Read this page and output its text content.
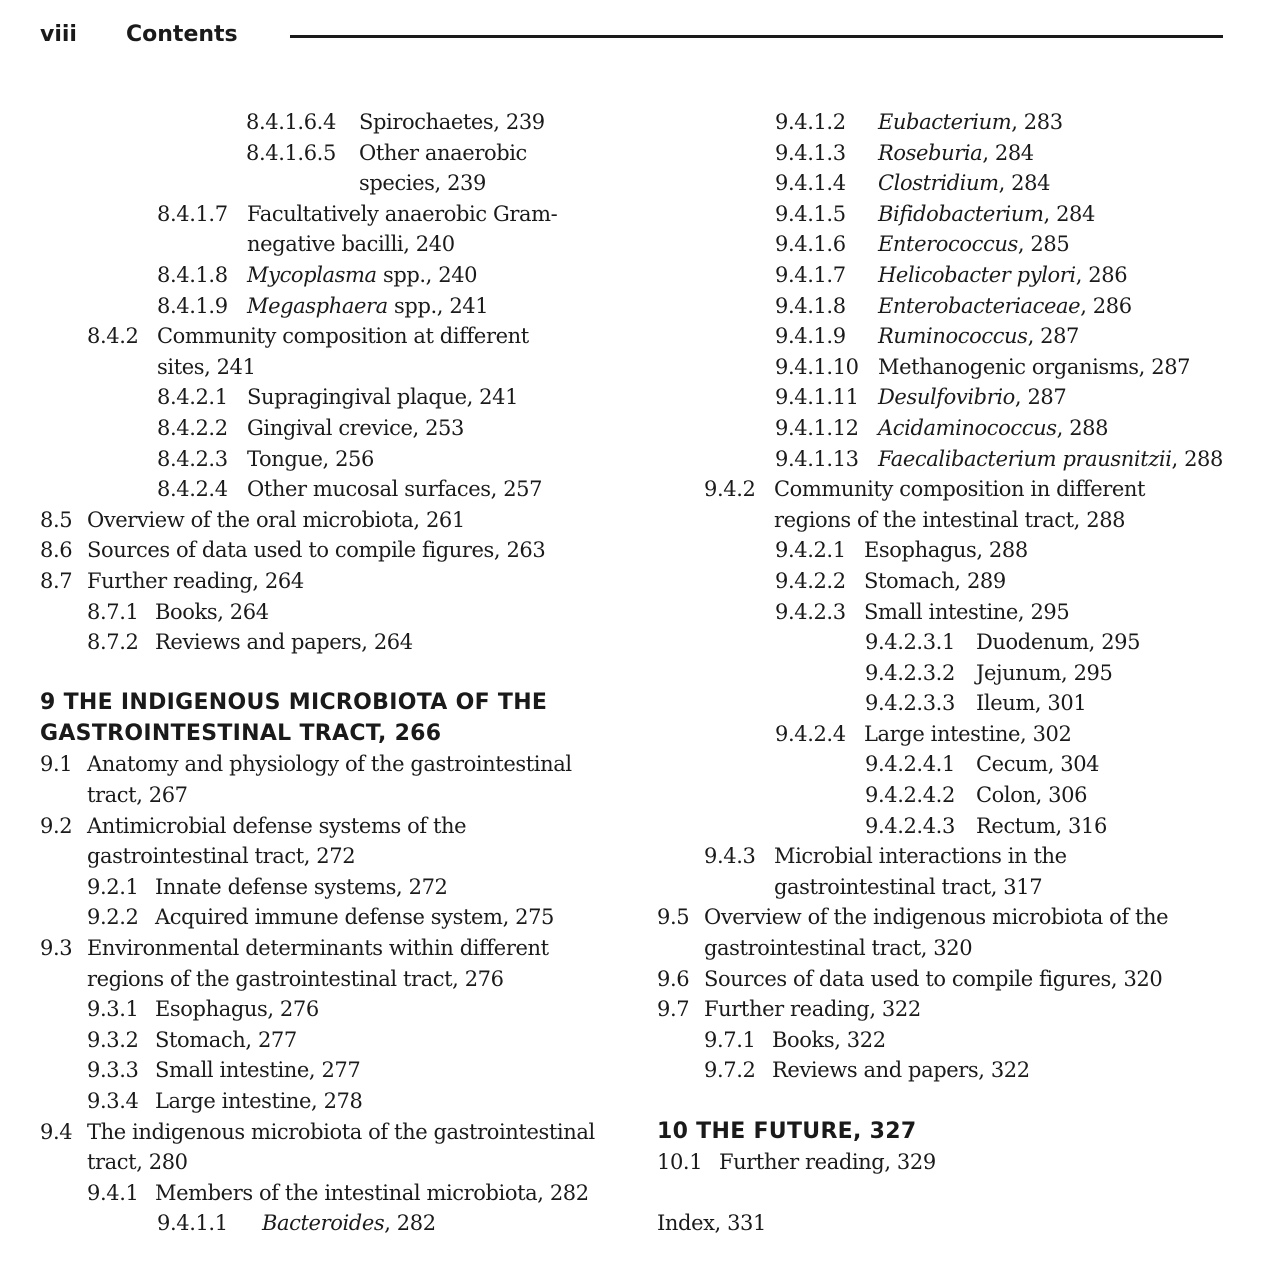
viii Contents
8.4.1.6.4	Spirochaetes, 239
8.4.1.6.5	Other anaerobic species, 239
8.4.1.7 Facultatively anaerobic Gram-negative bacilli, 240
8.4.1.8 Mycoplasma spp., 240
8.4.1.9 Megasphaera spp., 241
8.4.2 Community composition at different sites, 241
8.4.2.1 Supragingival plaque, 241
8.4.2.2 Gingival crevice, 253
8.4.2.3 Tongue, 256
8.4.2.4 Other mucosal surfaces, 257
8.5 Overview of the oral microbiota, 261
8.6 Sources of data used to compile figures, 263
8.7 Further reading, 264
8.7.1 Books, 264
8.7.2 Reviews and papers, 264
9 THE INDIGENOUS MICROBIOTA OF THE GASTROINTESTINAL TRACT, 266
9.1 Anatomy and physiology of the gastrointestinal tract, 267
9.2 Antimicrobial defense systems of the gastrointestinal tract, 272
9.2.1 Innate defense systems, 272
9.2.2 Acquired immune defense system, 275
9.3 Environmental determinants within different regions of the gastrointestinal tract, 276
9.3.1 Esophagus, 276
9.3.2 Stomach, 277
9.3.3 Small intestine, 277
9.3.4 Large intestine, 278
9.4 The indigenous microbiota of the gastrointestinal tract, 280
9.4.1 Members of the intestinal microbiota, 282
9.4.1.1	Bacteroides, 282
9.4.1.2	Eubacterium, 283
9.4.1.3	Roseburia, 284
9.4.1.4	Clostridium, 284
9.4.1.5	Bifidobacterium, 284
9.4.1.6	Enterococcus, 285
9.4.1.7	Helicobacter pylori, 286
9.4.1.8	Enterobacteriaceae, 286
9.4.1.9	Ruminococcus, 287
9.4.1.10 Methanogenic organisms, 287
9.4.1.11 Desulfovibrio, 287
9.4.1.12 Acidaminococcus, 288
9.4.1.13 Faecalibacterium prausnitzii, 288
9.4.2 Community composition in different regions of the intestinal tract, 288
9.4.2.1 Esophagus, 288
9.4.2.2 Stomach, 289
9.4.2.3 Small intestine, 295
9.4.2.3.1	Duodenum, 295
9.4.2.3.2	Jejunum, 295
9.4.2.3.3	Ileum, 301
9.4.2.4 Large intestine, 302
9.4.2.4.1	Cecum, 304
9.4.2.4.2	Colon, 306
9.4.2.4.3	Rectum, 316
9.4.3 Microbial interactions in the gastrointestinal tract, 317
9.5 Overview of the indigenous microbiota of the gastrointestinal tract, 320
9.6 Sources of data used to compile figures, 320
9.7 Further reading, 322
9.7.1 Books, 322
9.7.2 Reviews and papers, 322
10 THE FUTURE, 327
10.1 Further reading, 329
Index, 331
